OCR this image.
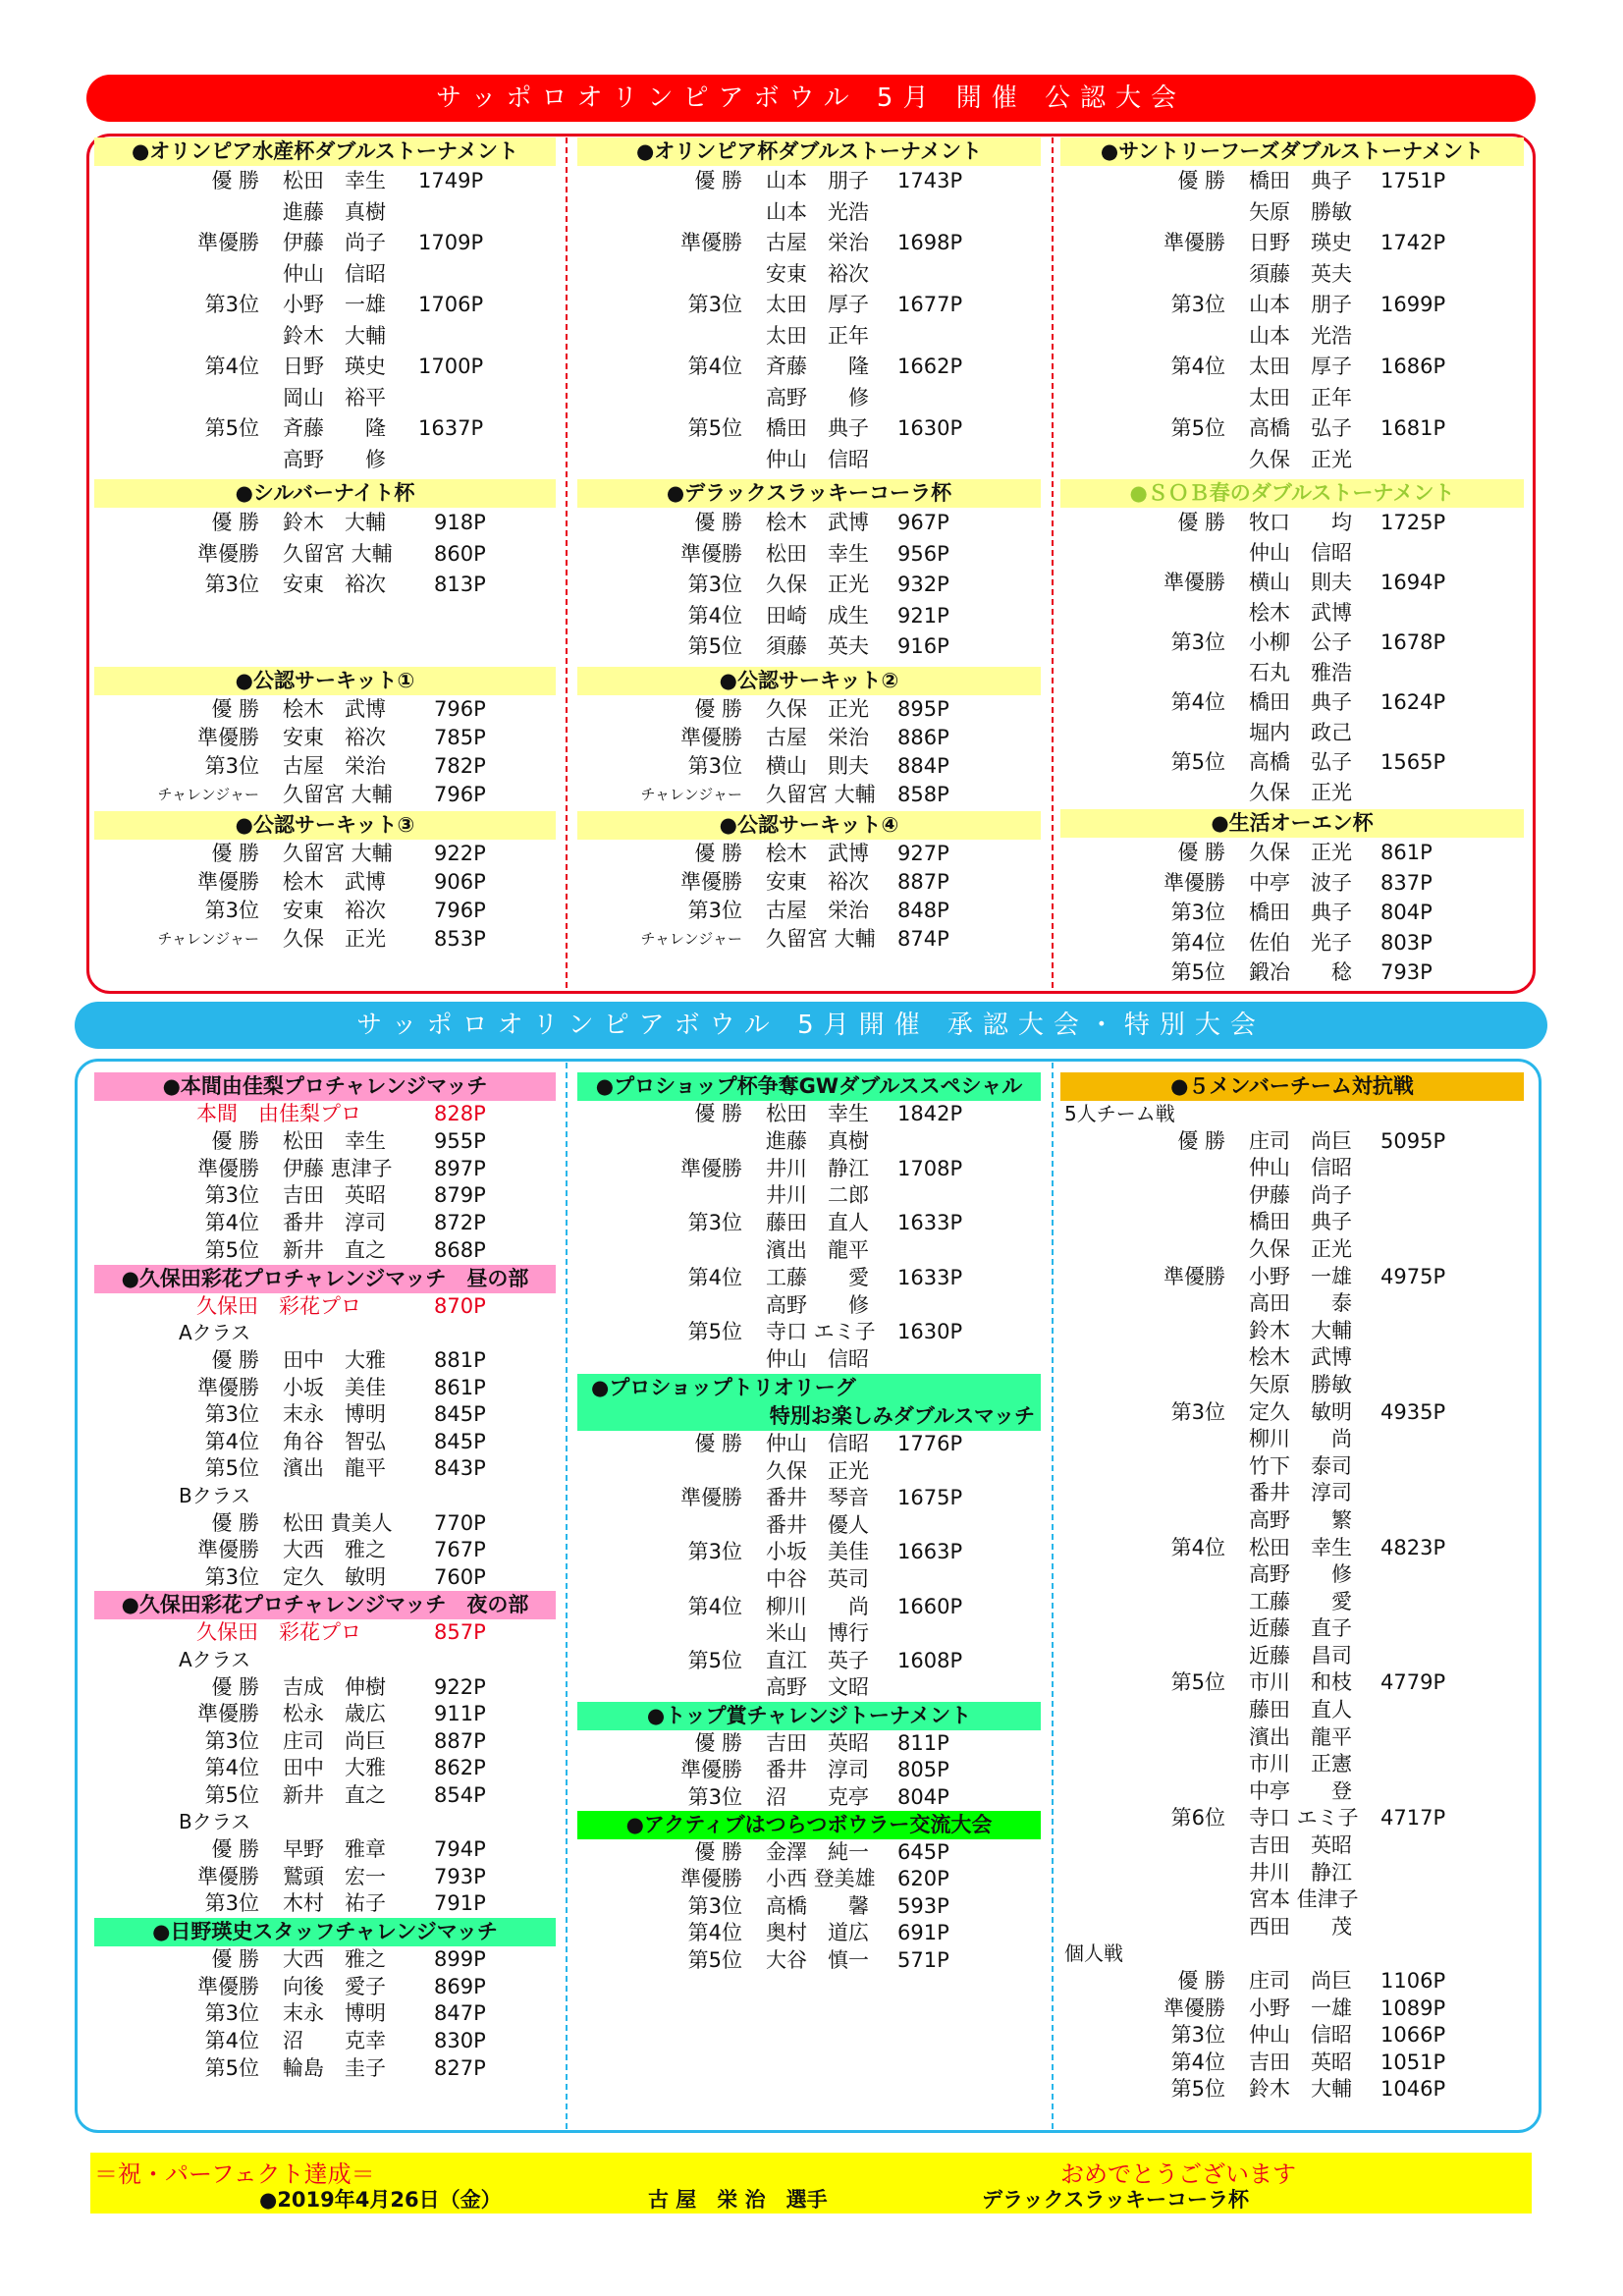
サッポロオリンピアボウル 5月 開催 公認大会
サッポロオリンピアボウル 5月開催 承認大会・特別大会
●オリンピア水産杯ダブルストーナメント
優 勝 松田　幸生 1749P
進藤　真樹
準優勝 伊藤　尚子 1709P
仲山　信昭
第3位 小野　一雄 1706P
鈴木　大輔
第4位 日野　瑛史 1700P
岡山　裕平
第5位 斉藤　　隆 1637P
高野　　修
●シルバーナイト杯
優 勝 鈴木　大輔 918P
準優勝 久留宮 大輔 860P
第3位 安東　裕次 813P
●公認サーキット①
優 勝 桧木　武博 796P
準優勝 安東　裕次 785P
第3位 古屋　栄治 782P
チャレンジャー 久留宮 大輔 796P
●公認サーキット③
優 勝 久留宮 大輔 922P
準優勝 桧木　武博 906P
第3位 安東　裕次 796P
チャレンジャー 久保　正光 853P
●オリンピア杯ダブルストーナメント
優 勝 山本　朋子 1743P
山本　光浩
準優勝 古屋　栄治 1698P
安東　裕次
第3位 太田　厚子 1677P
太田　正年
第4位 斉藤　　隆 1662P
高野　　修
第5位 橋田　典子 1630P
仲山　信昭
●デラックスラッキーコーラ杯
優 勝 桧木　武博 967P
準優勝 松田　幸生 956P
第3位 久保　正光 932P
第4位 田崎　成生 921P
第5位 須藤　英夫 916P
●公認サーキット②
優 勝 久保　正光 895P
準優勝 古屋　栄治 886P
第3位 横山　則夫 884P
チャレンジャー 久留宮 大輔 858P
●公認サーキット④
優 勝 桧木　武博 927P
準優勝 安東　裕次 887P
第3位 古屋　栄治 848P
チャレンジャー 久留宮 大輔 874P
●サントリーフーズダブルストーナメント
優 勝 橋田　典子 1751P
矢原　勝敏
準優勝 日野　瑛史 1742P
須藤　英夫
第3位 山本　朋子 1699P
山本　光浩
第4位 太田　厚子 1686P
太田　正年
第5位 高橋　弘子 1681P
久保　正光
●ＳＯＢ春のダブルストーナメント
優 勝 牧口　　均 1725P
仲山　信昭
準優勝 横山　則夫 1694P
桧木　武博
第3位 小柳　公子 1678P
石丸　雅浩
第4位 橋田　典子 1624P
堀内　政己
第5位 高橋　弘子 1565P
久保　正光
●生活オーエン杯
優 勝 久保　正光 861P
準優勝 中亭　波子 837P
第3位 橋田　典子 804P
第4位 佐伯　光子 803P
第5位 鍛冶　　稔 793P
●本間由佳梨プロチャレンジマッチ
本間　由佳梨プロ	828P
優 勝 松田　幸生 955P
準優勝 伊藤 恵津子 897P
第3位 吉田　英昭 879P
第4位 番井　淳司 872P
第5位 新井　直之 868P
●久保田彩花プロチャレンジマッチ　昼の部
久保田　彩花プロ	870P
Aクラス
優 勝 田中　大雅 881P
準優勝 小坂　美佳 861P
第3位 末永　博明 845P
第4位 角谷　智弘 845P
第5位 濱出　龍平 843P
Bクラス
優 勝 松田 貴美人 770P
準優勝 大西　雅之 767P
第3位 定久　敏明 760P
●久保田彩花プロチャレンジマッチ　夜の部
久保田　彩花プロ	857P
Aクラス
優 勝 吉成　伸樹 922P
準優勝 松永　歳広 911P
第3位 庄司　尚巨 887P
第4位 田中　大雅 862P
第5位 新井　直之 854P
Bクラス
優 勝 早野　雅章 794P
準優勝 鷲頭　宏一 793P
第3位 木村　祐子 791P
●日野瑛史スタッフチャレンジマッチ
優 勝 大西　雅之 899P
準優勝 向後　愛子 869P
第3位 末永　博明 847P
第4位 沼　　克幸 830P
第5位 輪島　圭子 827P
●プロショップ杯争奪GWダブルススペシャル
優 勝 松田　幸生 1842P
進藤　真樹
準優勝 井川　静江 1708P
井川　二郎
第3位 藤田　直人 1633P
濱出　龍平
第4位 工藤　　愛 1633P
高野　　修
第5位 寺口 エミ子 1630P
仲山　信昭
●プロショップトリオリーグ
特別お楽しみダブルスマッチ
優 勝 仲山　信昭 1776P
久保　正光
準優勝 番井　琴音 1675P
番井　優人
第3位 小坂　美佳 1663P
中谷　英司
第4位 柳川　　尚 1660P
米山　博行
第5位 直江　英子 1608P
高野　文昭
●トップ賞チャレンジトーナメント
優 勝 吉田　英昭 811P
準優勝 番井　淳司 805P
第3位 沼　　克亭 804P
●アクティブはつらつボウラー交流大会
優 勝 金澤　純一 645P
準優勝 小西 登美雄 620P
第3位 高橋　　馨 593P
第4位 奥村　道広 691P
第5位 大谷　慎一 571P
●５メンバーチーム対抗戦
5人チーム戦
優 勝 庄司　尚巨 5095P
仲山　信昭
伊藤　尚子
橋田　典子
久保　正光
準優勝 小野　一雄 4975P
高田　　泰
鈴木　大輔
桧木　武博
矢原　勝敏
第3位 定久　敏明 4935P
柳川　　尚
竹下　泰司
番井　淳司
高野　　繁
第4位 松田　幸生 4823P
高野　　修
工藤　　愛
近藤　直子
近藤　昌司
第5位 市川　和枝 4779P
藤田　直人
濱出　龍平
市川　正憲
中亭　　登
第6位 寺口 エミ子 4717P
吉田　英昭
井川　静江
宮本 佳津子
西田　　茂
個人戦
優 勝 庄司　尚巨 1106P
準優勝 小野　一雄 1089P
第3位 仲山　信昭 1066P
第4位 吉田　英昭 1051P
第5位 鈴木　大輔 1046P
＝祝・パーフェクト達成＝	おめでとうございます
●2019年4月26日（金）	古 屋　栄 治　選手	デラックスラッキーコーラ杯
